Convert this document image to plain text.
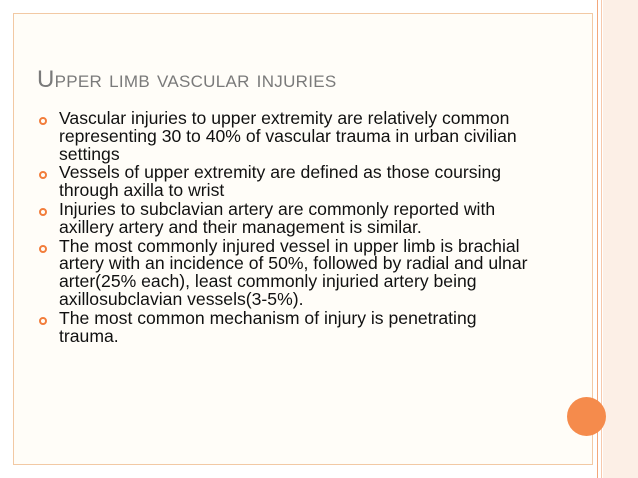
Upper limb vascular injuries
Vascular injuries to upper extremity are relatively common representing 30 to 40% of vascular trauma in urban civilian settings
Vessels of upper extremity are defined as those coursing through axilla to wrist
Injuries to subclavian artery are commonly reported with axillery artery and their management is similar.
The most commonly injured vessel in upper limb is brachial artery with an incidence of 50%, followed by radial and ulnar arter(25% each), least commonly injuried artery being axillosubclavian vessels(3-5%).
The most common mechanism of injury is penetrating trauma.
